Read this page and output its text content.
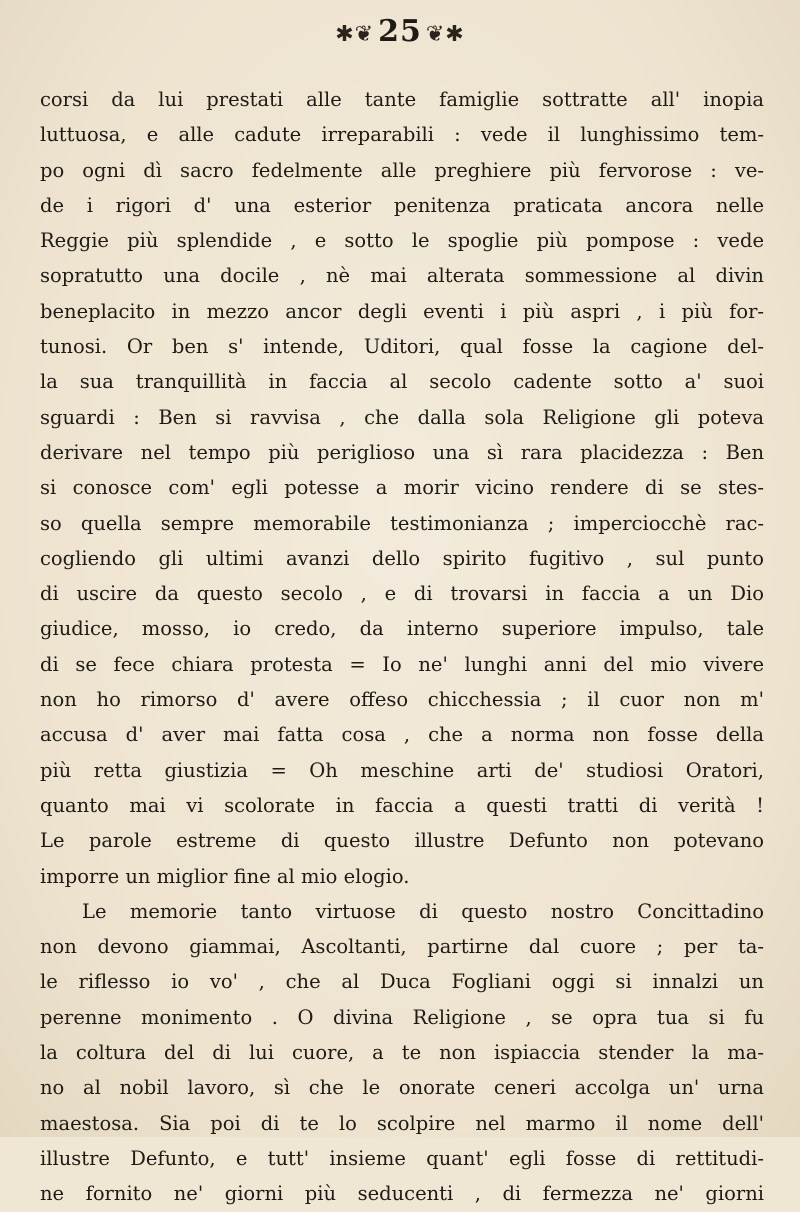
✱❦ 25 ❦✱
corsi da lui prestati alle tante famiglie sottratte all' inopia
luttuosa, e alle cadute irreparabili : vede il lunghissimo tem-
po ogni dì sacro fedelmente alle preghiere più fervorose : ve-
de i rigori d' una esterior penitenza praticata ancora nelle
Reggie più splendide , e sotto le spoglie più pompose : vede
sopratutto una docile , nè mai alterata sommessione al divin
beneplacito in mezzo ancor degli eventi i più aspri , i più for-
tunosi. Or ben s' intende, Uditori, qual fosse la cagione del-
la sua tranquillità in faccia al secolo cadente sotto a' suoi
sguardi : Ben si ravvisa , che dalla sola Religione gli poteva
derivare nel tempo più periglioso una sì rara placidezza : Ben
si conosce com' egli potesse a morir vicino rendere di se stes-
so quella sempre memorabile testimonianza ; imperciocchè rac-
cogliendo gli ultimi avanzi dello spirito fugitivo , sul punto
di uscire da questo secolo , e di trovarsi in faccia a un Dio
giudice, mosso, io credo, da interno superiore impulso, tale
di se fece chiara protesta = Io ne' lunghi anni del mio vivere
non ho rimorso d' avere offeso chicchessia ; il cuor non m'
accusa d' aver mai fatta cosa , che a norma non fosse della
più retta giustizia = Oh meschine arti de' studiosi Oratori,
quanto mai vi scolorate in faccia a questi tratti di verità !
Le parole estreme di questo illustre Defunto non potevano
imporre un miglior fine al mio elogio.
Le memorie tanto virtuose di questo nostro Concittadino
non devono giammai, Ascoltanti, partirne dal cuore ; per ta-
le riflesso io vo' , che al Duca Fogliani oggi si innalzi un
perenne monimento . O divina Religione , se opra tua si fu
la coltura del di lui cuore, a te non ispiaccia stender la ma-
no al nobil lavoro, sì che le onorate ceneri accolga un' urna
maestosa. Sia poi di te lo scolpire nel marmo il nome dell'
illustre Defunto, e tutt' insieme quant' egli fosse di rettitudi-
ne fornito ne' giorni più seducenti , di fermezza ne' giorni
